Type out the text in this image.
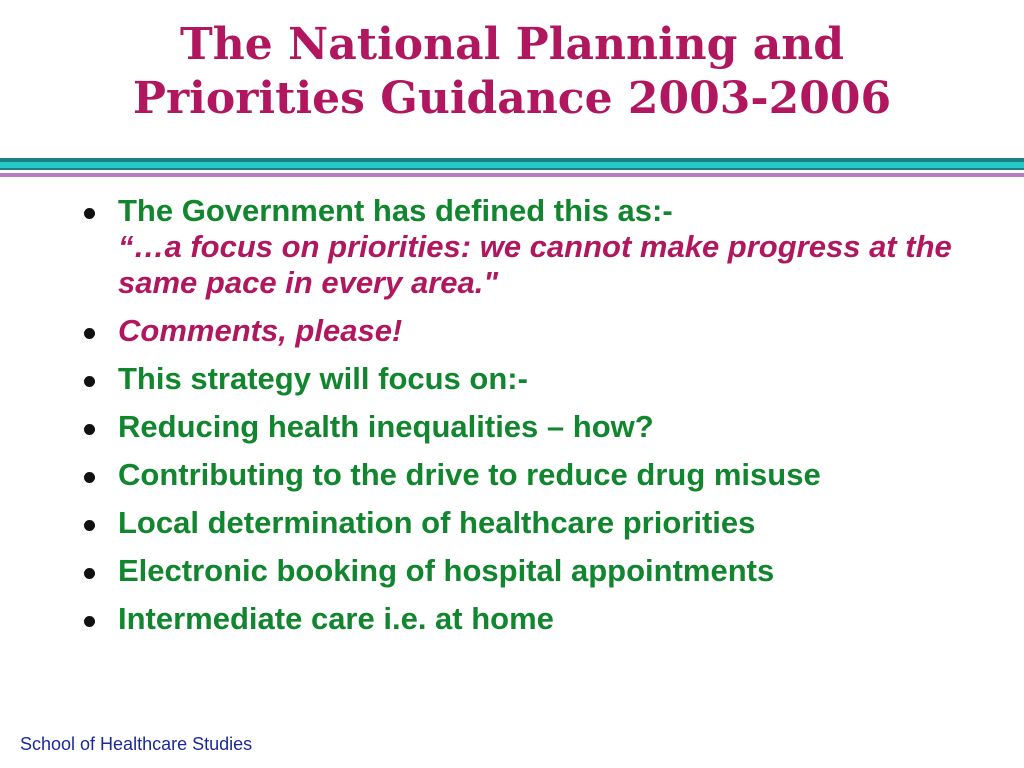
The National Planning and
Priorities Guidance 2003-2006
The Government has defined this as:-
“…a focus on priorities: we cannot make progress at the same pace in every area."
Comments, please!
This strategy will focus on:-
Reducing health inequalities – how?
Contributing to the drive to reduce drug misuse
Local determination of healthcare priorities
Electronic booking of hospital appointments
Intermediate care i.e. at home
School of Healthcare Studies
